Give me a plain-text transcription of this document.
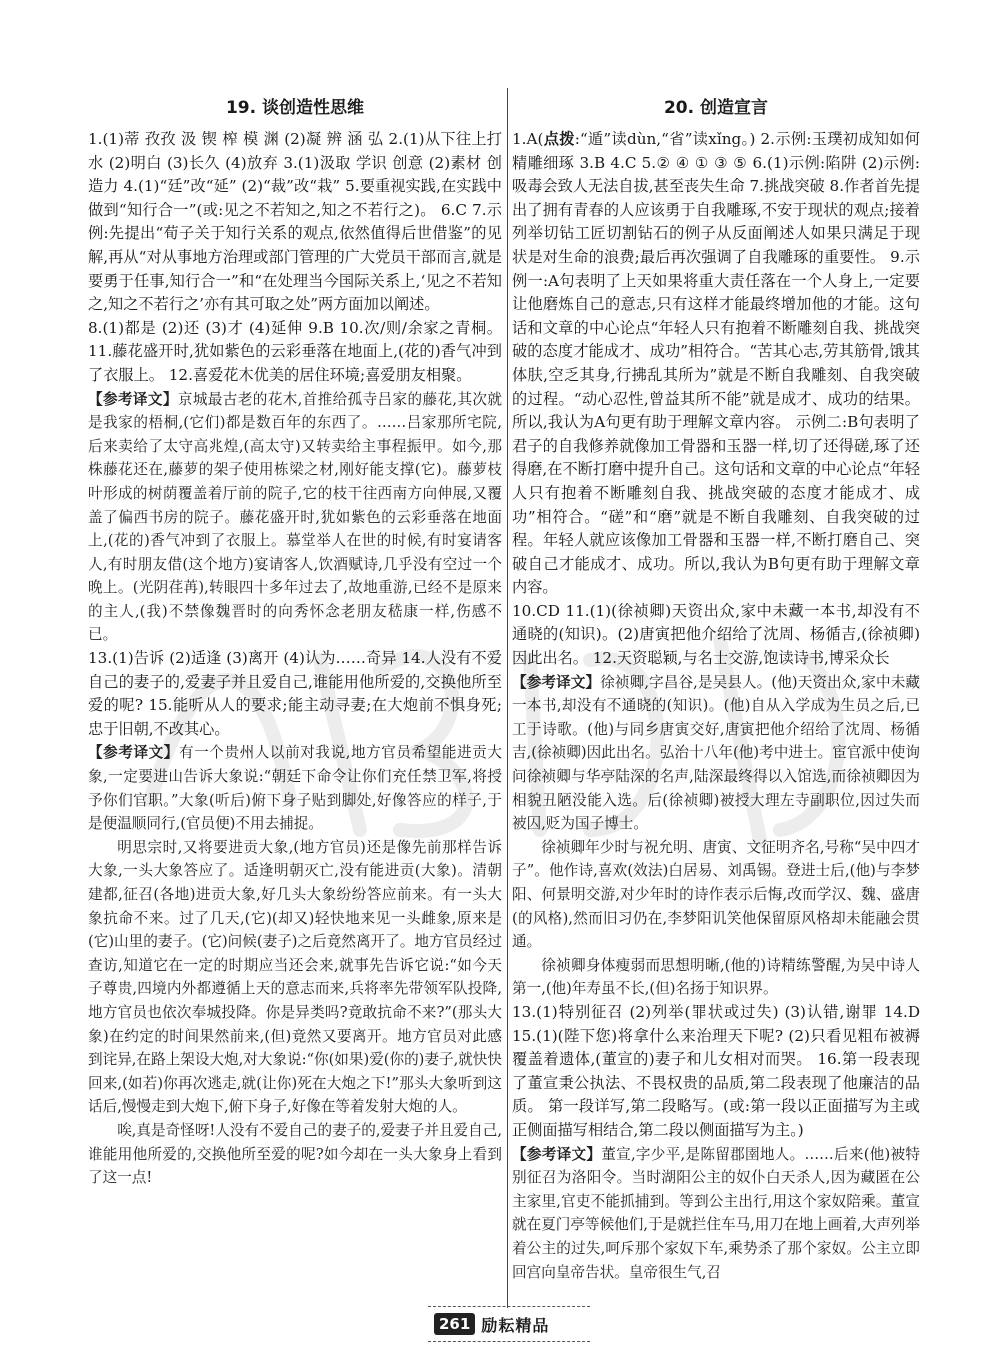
19. 谈创造性思维

1.(1)蒂 孜孜 汲 锲 榨 模 渊 (2)凝 辨 涵 弘 2.(1)从下往上打水 (2)明白 (3)长久 (4)放弃 3.(1)汲取 学识 创意 (2)素材 创造力 4.(1)“廷”改“延” (2)“裁”改“栽” 5.要重视实践,在实践中做到“知行合一”(或:见之不若知之,知之不若行之)。 6.C 7.示例:先提出“荀子关于知行关系的观点,依然值得后世借鉴”的见解,再从“对从事地方治理或部门管理的广大党员干部而言,就是要勇于任事,知行合一”和“在处理当今国际关系上,‘见之不若知之,知之不若行之’亦有其可取之处”两方面加以阐述。

8.(1)都是 (2)还 (3)才 (4)延伸 9.B 10.次/则/余家之青桐。 11.藤花盛开时,犹如紫色的云彩垂落在地面上,(花的)香气冲到了衣服上。 12.喜爱花木优美的居住环境;喜爱朋友相聚。

【参考译文】京城最古老的花木,首推给孤寺吕家的藤花,其次就是我家的梧桐,(它们)都是数百年的东西了。……吕家那所宅院,后来卖给了太守高兆煌,(高太守)又转卖给主事程振甲。如今,那株藤花还在,藤萝的架子使用栋梁之材,刚好能支撑(它)。藤萝枝叶形成的树荫覆盖着厅前的院子,它的枝干往西南方向伸展,又覆盖了偏西书房的院子。藤花盛开时,犹如紫色的云彩垂落在地面上,(花的)香气冲到了衣服上。慕堂举人在世的时候,有时宴请客人,有时朋友借(这个地方)宴请客人,饮酒赋诗,几乎没有空过一个晚上。(光阴荏苒),转眼四十多年过去了,故地重游,已经不是原来的主人,(我)不禁像魏晋时的向秀怀念老朋友嵇康一样,伤感不已。

13.(1)告诉 (2)适逢 (3)离开 (4)认为……奇异 14.人没有不爱自己的妻子的,爱妻子并且爱自己,谁能用他所爱的,交换他所至爱的呢? 15.能听从人的要求;能主动寻妻;在大炮前不惧身死;忠于旧朝,不改其心。

【参考译文】有一个贵州人以前对我说,地方官员希望能进贡大象,一定要进山告诉大象说:“朝廷下命令让你们充任禁卫军,将授予你们官职。”大象(听后)俯下身子贴到脚处,好像答应的样子,于是便温顺同行,(官员便)不用去捕捉。

明思宗时,又将要进贡大象,(地方官员)还是像先前那样告诉大象,一头大象答应了。适逢明朝灭亡,没有能进贡(大象)。清朝建都,征召(各地)进贡大象,好几头大象纷纷答应前来。有一头大象抗命不来。过了几天,(它)(却又)轻快地来见一头雌象,原来是(它)山里的妻子。(它)问候(妻子)之后竟然离开了。地方官员经过查访,知道它在一定的时期应当还会来,就事先告诉它说:“如今天子尊贵,四境内外都遵循上天的意志而来,兵将率先带领军队投降,地方官员也依次奉城投降。你是异类吗?竟敢抗命不来?”(那头大象)在约定的时间果然前来,(但)竟然又要离开。地方官员对此感到诧异,在路上架设大炮,对大象说:“你(如果)爱(你的)妻子,就快快回来,(如若)你再次逃走,就(让你)死在大炮之下!”那头大象听到这话后,慢慢走到大炮下,俯下身子,好像在等着发射大炮的人。

唉,真是奇怪呀!人没有不爱自己的妻子的,爱妻子并且爱自己,谁能用他所爱的,交换他所至爱的呢?如今却在一头大象身上看到了这一点!

20. 创造宣言

1.A(点拨:“遁”读dùn,“省”读xǐng。) 2.示例:玉璞初成知如何精雕细琢 3.B 4.C 5.② ④ ① ③ ⑤ 6.(1)示例:陷阱 (2)示例:吸毒会致人无法自拔,甚至丧失生命 7.挑战突破 8.作者首先提出了拥有青春的人应该勇于自我雕琢,不安于现状的观点;接着列举切钻工匠切割钻石的例子从反面阐述人如果只满足于现状是对生命的浪费;最后再次强调了自我雕琢的重要性。 9.示例一:A句表明了上天如果将重大责任落在一个人身上,一定要让他磨炼自己的意志,只有这样才能最终增加他的才能。这句话和文章的中心论点“年轻人只有抱着不断雕刻自我、挑战突破的态度才能成才、成功”相符合。“苦其心志,劳其筋骨,饿其体肤,空乏其身,行拂乱其所为”就是不断自我雕刻、自我突破的过程。“动心忍性,曾益其所不能”就是成才、成功的结果。所以,我认为A句更有助于理解文章内容。 示例二:B句表明了君子的自我修养就像加工骨器和玉器一样,切了还得磋,琢了还得磨,在不断打磨中提升自己。这句话和文章的中心论点“年轻人只有抱着不断雕刻自我、挑战突破的态度才能成才、成功”相符合。“磋”和“磨”就是不断自我雕刻、自我突破的过程。年轻人就应该像加工骨器和玉器一样,不断打磨自己、突破自己才能成才、成功。所以,我认为B句更有助于理解文章内容。

10.CD 11.(1)(徐祯卿)天资出众,家中未藏一本书,却没有不通晓的(知识)。(2)唐寅把他介绍给了沈周、杨循吉,(徐祯卿)因此出名。 12.天资聪颖,与名士交游,饱读诗书,博采众长

【参考译文】徐祯卿,字昌谷,是吴县人。(他)天资出众,家中未藏一本书,却没有不通晓的(知识)。(他)自从入学成为生员之后,已工于诗歌。(他)与同乡唐寅交好,唐寅把他介绍给了沈周、杨循吉,(徐祯卿)因此出名。弘治十八年(他)考中进士。宦官派中使询问徐祯卿与华亭陆深的名声,陆深最终得以入馆选,而徐祯卿因为相貌丑陋没能入选。后(徐祯卿)被授大理左寺副职位,因过失而被囚,贬为国子博士。

徐祯卿年少时与祝允明、唐寅、文征明齐名,号称“吴中四才子”。他作诗,喜欢(效法)白居易、刘禹锡。登进士后,(他)与李梦阳、何景明交游,对少年时的诗作表示后悔,改而学汉、魏、盛唐(的风格),然而旧习仍在,李梦阳讥笑他保留原风格却未能融会贯通。

徐祯卿身体瘦弱而思想明晰,(他的)诗精练警醒,为吴中诗人第一,(他)年寿虽不长,(但)名扬于知识界。

13.(1)特别征召 (2)列举(罪状或过失) (3)认错,谢罪 14.D 15.(1)(陛下您)将拿什么来治理天下呢? (2)只看见粗布被褥覆盖着遗体,(董宣的)妻子和儿女相对而哭。 16.第一段表现了董宣秉公执法、不畏权贵的品质,第二段表现了他廉洁的品质。 第一段详写,第二段略写。(或:第一段以正面描写为主或正侧面描写相结合,第二段以侧面描写为主。)

【参考译文】董宣,字少平,是陈留郡圉地人。……后来(他)被特别征召为洛阳令。当时湖阳公主的奴仆白天杀人,因为藏匿在公主家里,官吏不能抓捕到。等到公主出行,用这个家奴陪乘。董宣就在夏门亭等候他们,于是就拦住车马,用刀在地上画着,大声列举着公主的过失,呵斥那个家奴下车,乘势杀了那个家奴。公主立即回宫向皇帝告状。皇帝很生气,召

261 励耘精品
